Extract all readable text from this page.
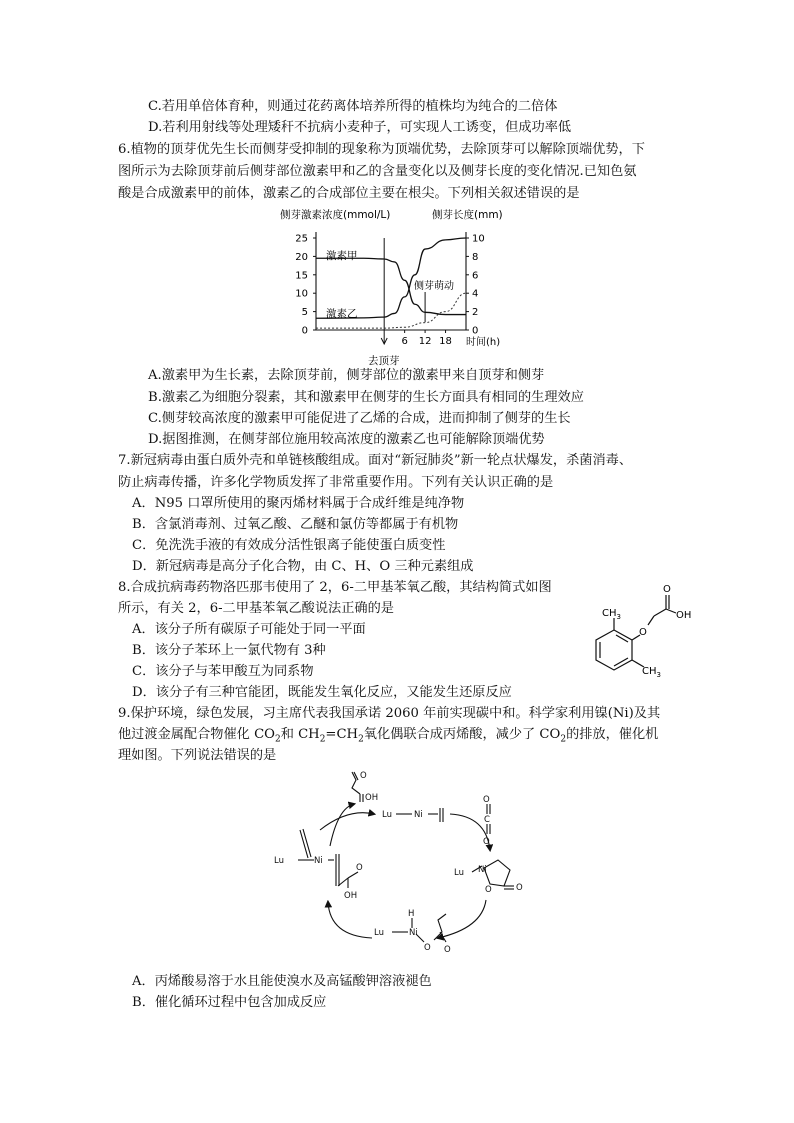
C.若用单倍体育种，则通过花药离体培养所得的植株均为纯合的二倍体
D.若利用射线等处理矮秆不抗病小麦种子，可实现人工诱变，但成功率低
6.植物的顶芽优先生长而侧芽受抑制的现象称为顶端优势，去除顶芽可以解除顶端优势，下
图所示为去除顶芽前后侧芽部位激素甲和乙的含量变化以及侧芽长度的变化情况.已知色氨
酸是合成激素甲的前体，激素乙的合成部位主要在根尖。下列相关叙述错误的是
侧芽激素浓度(mmol/L)	侧芽长度(mm)
25
20
15
10
5
0
10
8
6
4
2
0
6 12 18
激素甲
激素乙
侧芽萌动
时间(h)
去顶芽
A.激素甲为生长素，去除顶芽前，侧芽部位的激素甲来自顶芽和侧芽
B.激素乙为细胞分裂素，其和激素甲在侧芽的生长方面具有相同的生理效应
C.侧芽较高浓度的激素甲可能促进了乙烯的合成，进而抑制了侧芽的生长
D.据图推测，在侧芽部位施用较高浓度的激素乙也可能解除顶端优势
7.新冠病毒由蛋白质外壳和单链核酸组成。面对“新冠肺炎”新一轮点状爆发，杀菌消毒、
防止病毒传播，许多化学物质发挥了非常重要作用。下列有关认识正确的是
A．N95 口罩所使用的聚丙烯材料属于合成纤维是纯净物
B．含氯消毒剂、过氧乙酸、乙醚和氯仿等都属于有机物
C．免洗洗手液的有效成分活性银离子能使蛋白质变性
D．新冠病毒是高分子化合物，由 C、H、O 三种元素组成
8.合成抗病毒药物洛匹那韦使用了 2，6-二甲基苯氧乙酸，其结构简式如图
所示，有关 2，6-二甲基苯氧乙酸说法正确的是
A．该分子所有碳原子可能处于同一平面
B．该分子苯环上一氯代物有 3种
C．该分子与苯甲酸互为同系物
D．该分子有三种官能团，既能发生氧化反应，又能发生还原反应
$CH_3$
$CH_3$
O
O
OH
9.保护环境，绿色发展，习主席代表我国承诺 2060 年前实现碳中和。科学家利用镍(Ni)及其
他过渡金属配合物催化 $CO_2$和 $CH_2=CH_2$氧化偶联合成丙烯酸，减少了 $CO_2$的排放，催化机
理如图。下列说法错误的是
O
OH
Lu	Ni
O
C
O
Lu Ni
O	O
H
Lu	Ni
O O
Lu	Ni
O
OH
A．丙烯酸易溶于水且能使溴水及高锰酸钾溶液褪色
B．催化循环过程中包含加成反应
